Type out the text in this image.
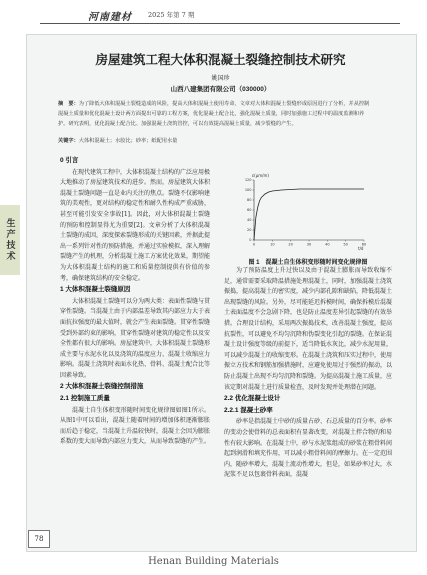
河南建材 2025 年第 7 期
生产技术
房屋建筑工程大体积混凝土裂缝控制技术研究
姚国珍
山西八建集团有限公司（030000）
摘　要：为了降低大体积混凝土裂缝造成的风险，提高大体积混凝土使用寿命，文章对大体积混凝土裂缝形成原因进行了分析，并从控制混凝土质量和优化混凝土设计两方面提出可靠的工程方案，优化混凝土配合比，强化混凝土质量，同时加强施工过程中的温度监测和养护。研究表明，优化混凝土配合比、加强混凝土浇筑管控，可以有效提高混凝土质量，减少裂缝的产生。
关键字：大体积混凝土；水胶比；砂率；纸配用水量
0 引言

在现代建筑工程中，大体积混凝土结构的广泛应用极大地推动了房屋建筑技术的进步。然而，房屋建筑大体积混凝土裂缝问题一直是业内关注的焦点。裂缝不仅影响建筑的美观性，更对结构的稳定性和耐久性构成严重威胁，甚至可能引发安全事故[1]。因此，对大体积混凝土裂缝的预防和控制显得尤为重要[2]。文章分析了大体积混凝土裂缝的成因，深度探索裂缝形成的关键因素，并据此提出一系列针对性的预防措施，并通过实验模拟，深入理解裂缝产生的机理，分析混凝土施工方案优化效果，期望能为大体积混凝土结构的施工和质量控制提供有价值的参考，确保建筑结构的安全稳定。

1 大体积混凝土裂缝原因

大体积混凝土裂缝可以分为两大类：表面性裂缝与贯穿性裂缝。当混凝土由于内部温差导致其内部应力大于表面抗拉强度的最大值时，就会产生表面裂缝。贯穿性裂缝受到外部约束的影响，贯穿性裂缝对建筑的稳定性以及安全性都有很大的影响。房屋建筑中，大体积混凝土裂缝形成主要与水泥水化以及浇筑的温度应力、混凝土收缩应力影响。混凝土浇筑时表面水化热、骨料、混凝土配合比等因素导致。

2 大体积混凝土裂缝控制措施
2.1 控制施工质量

混凝土自生体积变形随时间变化规律图如图1所示。从图1中可以看出，混凝土随着时间的增加体积逐渐膨胀而后趋于稳定，当混凝土升温较快时，混凝土会因为膨胀系数的变大而导致内部应力变大，从而导致裂缝的产生。

ε(μm/m)
t/d
0	10	20	30	40	50	60
0
20
40
60
80
100
120
图 1　混凝土自生体积变形随时间变化规律图

为了预防温度上升过快以及由于混凝土膨胀而导致收缩不足，通常需要采取降温措施处理混凝土，同时，加强混凝土浇筑振捣，提高混凝土的密实度，减少内部孔隙和缺陷，降低混凝土出现裂缝的风险。另外，尽可能延迟拆模时间，确保拆模后混凝土表面温度不会急剧下降，也是防止温度差异引起裂缝的有效举措。合理设计结构，采用两次振捣技术，改善混凝土强度，提高抗裂性，可以避免不均匀沉降和伪裂变化引起的裂缝。在保证混凝土设计强度等级的前提下，适当降低水灰比，减少水泥用量，可以减少混凝土的收缩变形。在混凝土浇筑和压实过程中，使用振立方技术和钢筋加强措施时，应避免使用过于强烈的振动，以防止混凝土出现不均匀沉降和裂缝。为提高混凝土施工质量，应该定期对混凝土进行质量检查，及时发现并处理潜在问题。

2.2 优化混凝土设计
2.2.1 混凝土砂率

砂率是指混凝土中砂的质量占砂、石总质量的百分率。砂率的变动会使骨料的总表面积有显著改变，对混凝土拌合物的和易性有较大影响。在混凝土中，砂与水泥浆组成的砂浆在粗骨料间起到润滑和填充作用，可以减小粗骨料间的摩擦力。在一定范围内，随砂率增大，混凝土流动性增大，但是，如果砂率过大，水泥浆不足以包裹骨料表面，混凝

78
Henan Building Materials
